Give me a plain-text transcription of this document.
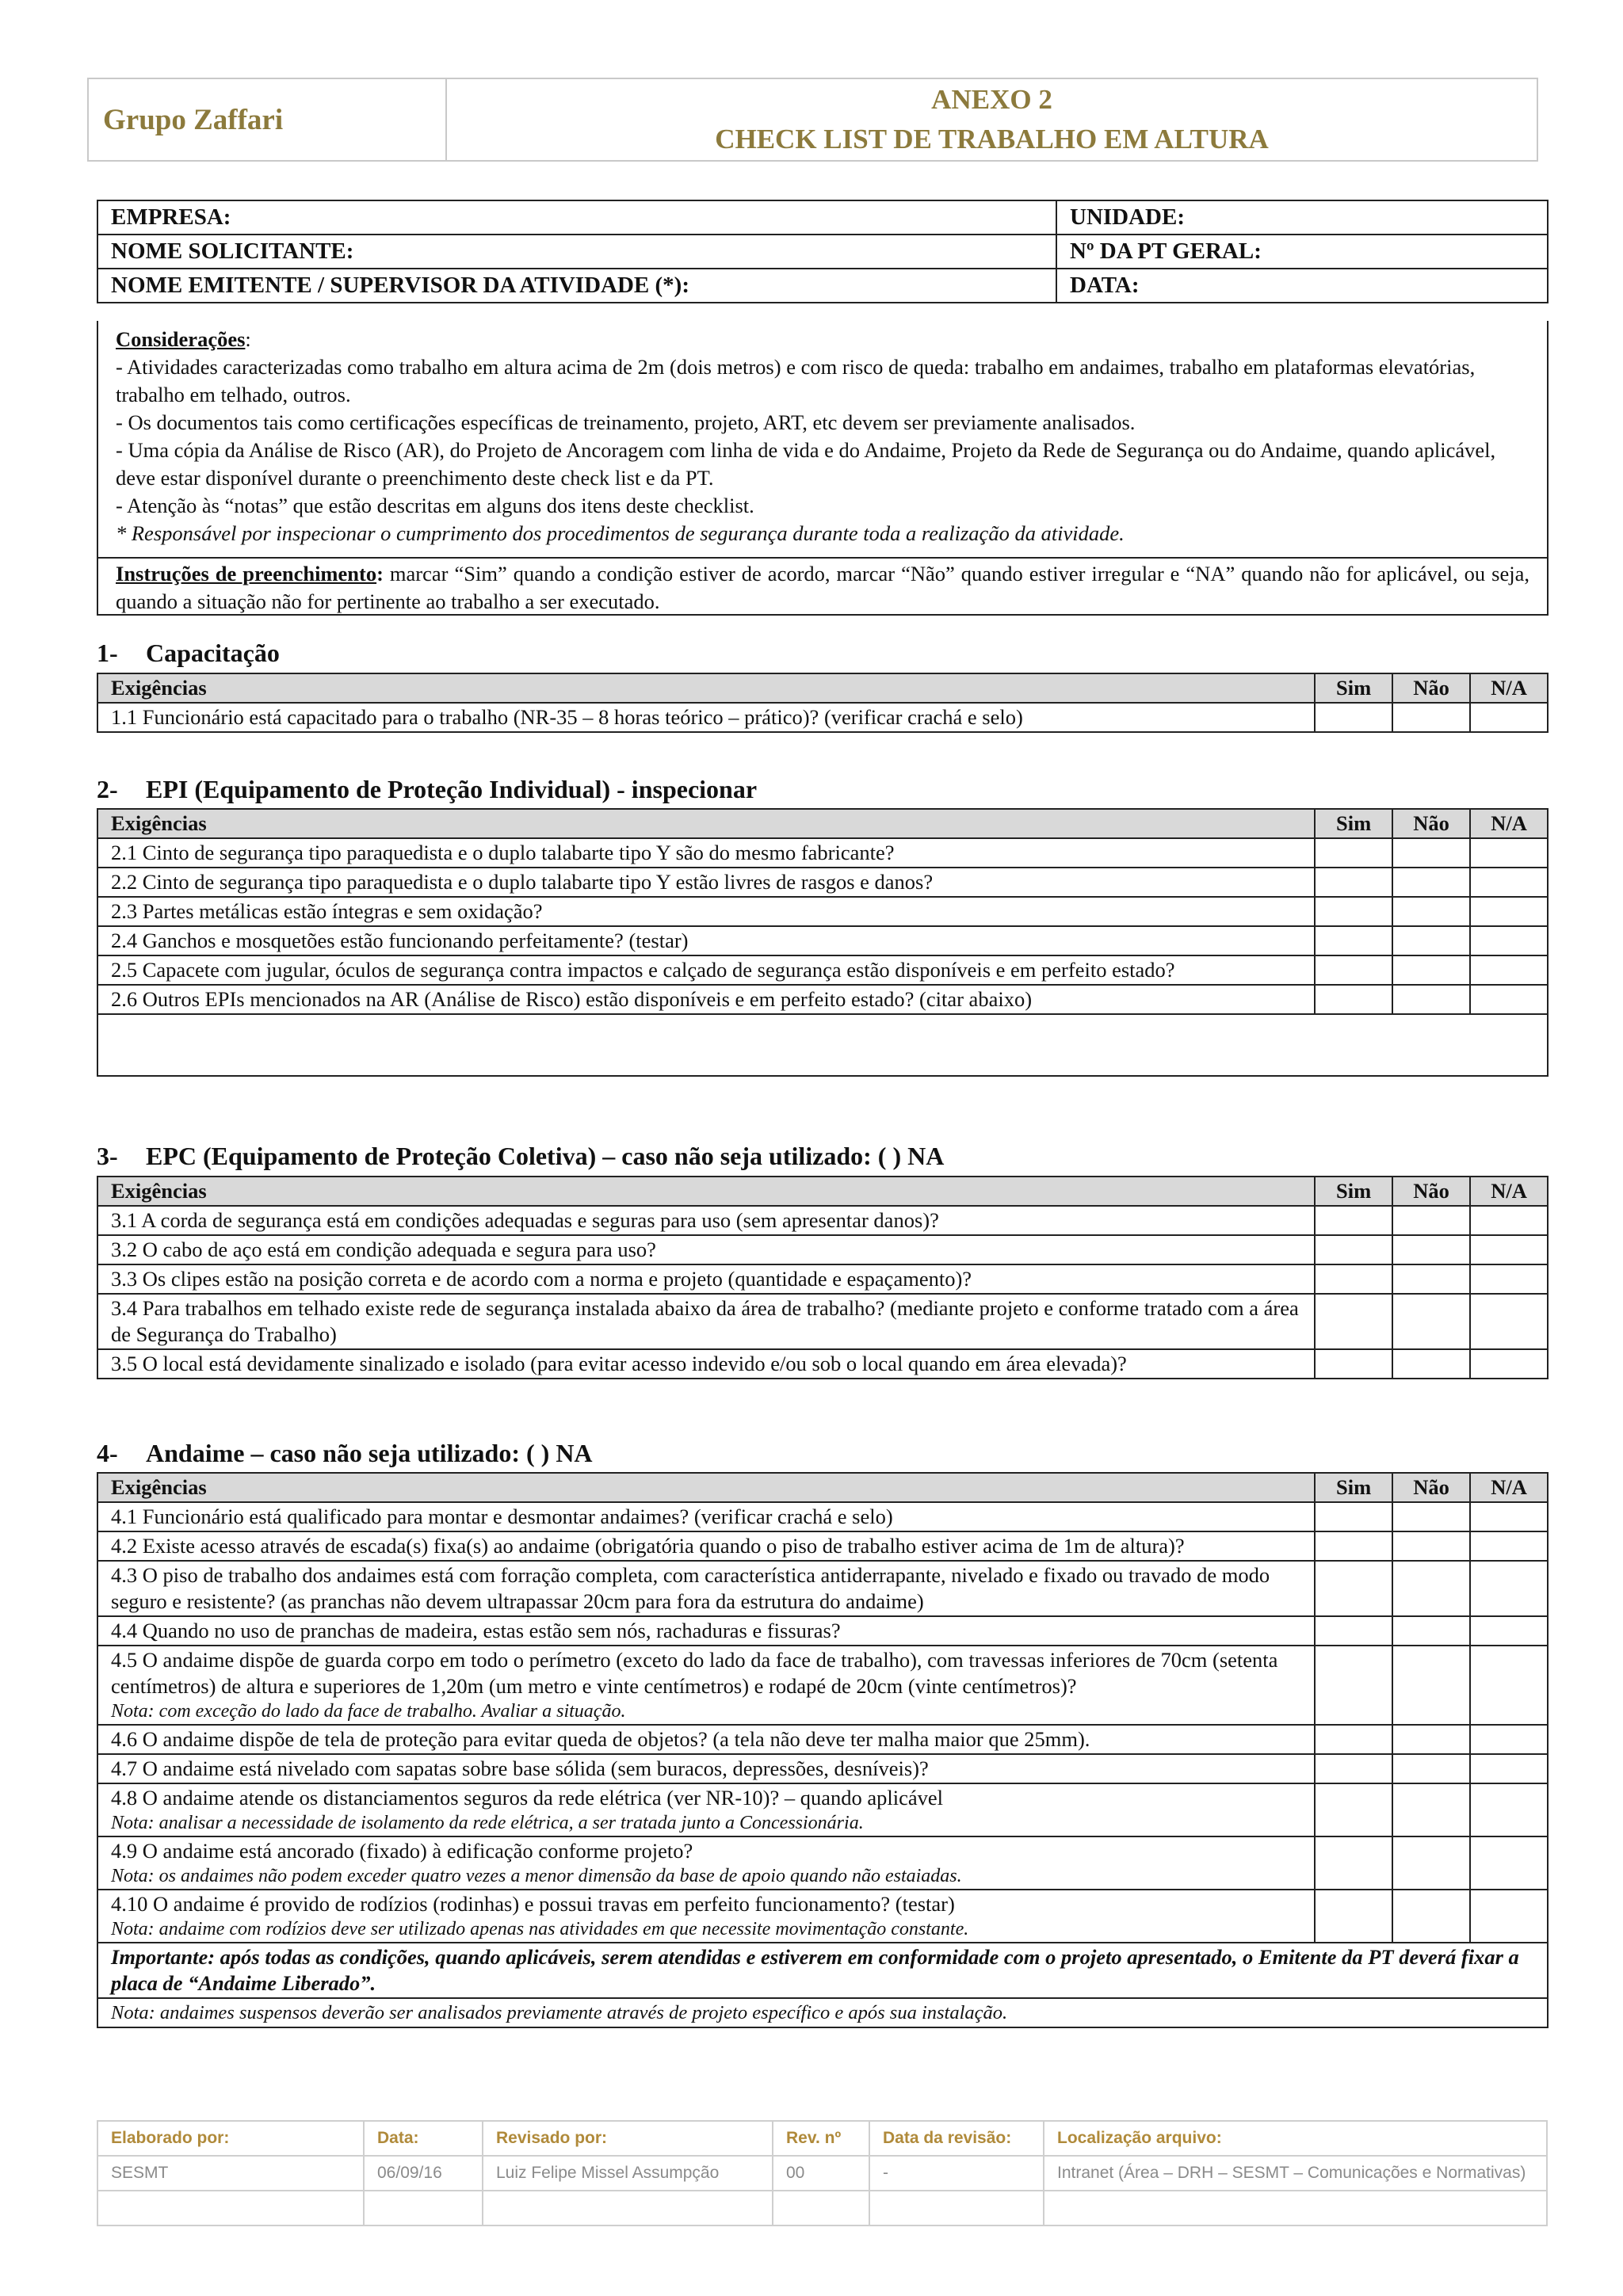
Grupo Zaffari
ANEXO 2
CHECK LIST DE TRABALHO EM ALTURA
EMPRESA:	UNIDADE:
NOME SOLICITANTE:	Nº DA PT GERAL:
NOME EMITENTE / SUPERVISOR DA ATIVIDADE (*):	DATA:
Considerações:
- Atividades caracterizadas como trabalho em altura acima de 2m (dois metros) e com risco de queda: trabalho em andaimes, trabalho em plataformas elevatórias, trabalho em telhado, outros.
- Os documentos tais como certificações específicas de treinamento, projeto, ART, etc devem ser previamente analisados.
- Uma cópia da Análise de Risco (AR), do Projeto de Ancoragem com linha de vida e do Andaime, Projeto da Rede de Segurança ou do Andaime, quando aplicável, deve estar disponível durante o preenchimento deste check list e da PT.
- Atenção às “notas” que estão descritas em alguns dos itens deste checklist.
* Responsável por inspecionar o cumprimento dos procedimentos de segurança durante toda a realização da atividade.
Instruções de preenchimento: marcar “Sim” quando a condição estiver de acordo, marcar “Não” quando estiver irregular e “NA” quando não for aplicável, ou seja, quando a situação não for pertinente ao trabalho a ser executado.
1- Capacitação
Exigências	Sim	Não	N/A
1.1 Funcionário está capacitado para o trabalho (NR-35 – 8 horas teórico – prático)? (verificar crachá e selo)			
2- EPI (Equipamento de Proteção Individual) - inspecionar
Exigências	Sim	Não	N/A
2.1 Cinto de segurança tipo paraquedista e o duplo talabarte tipo Y são do mesmo fabricante?			
2.2 Cinto de segurança tipo paraquedista e o duplo talabarte tipo Y estão livres de rasgos e danos?			
2.3 Partes metálicas estão íntegras e sem oxidação?			
2.4 Ganchos e mosquetões estão funcionando perfeitamente? (testar)			
2.5 Capacete com jugular, óculos de segurança contra impactos e calçado de segurança estão disponíveis e em perfeito estado?			
2.6 Outros EPIs mencionados na AR (Análise de Risco) estão disponíveis e em perfeito estado? (citar abaixo)			

3- EPC (Equipamento de Proteção Coletiva) – caso não seja utilizado: ( ) NA
Exigências	Sim	Não	N/A
3.1 A corda de segurança está em condições adequadas e seguras para uso (sem apresentar danos)?			
3.2 O cabo de aço está em condição adequada e segura para uso?			
3.3 Os clipes estão na posição correta e de acordo com a norma e projeto (quantidade e espaçamento)?			
3.4 Para trabalhos em telhado existe rede de segurança instalada abaixo da área de trabalho? (mediante projeto e conforme tratado com a área de Segurança do Trabalho)			
3.5 O local está devidamente sinalizado e isolado (para evitar acesso indevido e/ou sob o local quando em área elevada)?			
4- Andaime – caso não seja utilizado: ( ) NA
Exigências	Sim	Não	N/A
4.1 Funcionário está qualificado para montar e desmontar andaimes? (verificar crachá e selo)			
4.2 Existe acesso através de escada(s) fixa(s) ao andaime (obrigatória quando o piso de trabalho estiver acima de 1m de altura)?			
4.3 O piso de trabalho dos andaimes está com forração completa, com característica antiderrapante, nivelado e fixado ou travado de modo seguro e resistente? (as pranchas não devem ultrapassar 20cm para fora da estrutura do andaime)			
4.4 Quando no uso de pranchas de madeira, estas estão sem nós, rachaduras e fissuras?			
4.5 O andaime dispõe de guarda corpo em todo o perímetro (exceto do lado da face de trabalho), com travessas inferiores de 70cm (setenta centímetros) de altura e superiores de 1,20m (um metro e vinte centímetros) e rodapé de 20cm (vinte centímetros)?
Nota: com exceção do lado da face de trabalho. Avaliar a situação.			

4.6 O andaime dispõe de tela de proteção para evitar queda de objetos? (a tela não deve ter malha maior que 25mm).			
4.7 O andaime está nivelado com sapatas sobre base sólida (sem buracos, depressões, desníveis)?			
4.8 O andaime atende os distanciamentos seguros da rede elétrica (ver NR-10)? – quando aplicável
Nota: analisar a necessidade de isolamento da rede elétrica, a ser tratada junto a Concessionária.			

4.9 O andaime está ancorado (fixado) à edificação conforme projeto?
Nota: os andaimes não podem exceder quatro vezes a menor dimensão da base de apoio quando não estaiadas.			

4.10 O andaime é provido de rodízios (rodinhas) e possui travas em perfeito funcionamento? (testar)
Nota: andaime com rodízios deve ser utilizado apenas nas atividades em que necessite movimentação constante.			

Importante: após todas as condições, quando aplicáveis, serem atendidas e estiverem em conformidade com o projeto apresentado, o Emitente da PT deverá fixar a placa de “Andaime Liberado”.			
Nota: andaimes suspensos deverão ser analisados previamente através de projeto específico e após sua instalação.			
Elaborado por:	Data:	Revisado por:	Rev. nº	Data da revisão:	Localização arquivo:
SESMT	06/09/16	Luiz Felipe Missel Assumpção	00	-	Intranet (Área – DRH – SESMT – Comunicações e Normativas)
